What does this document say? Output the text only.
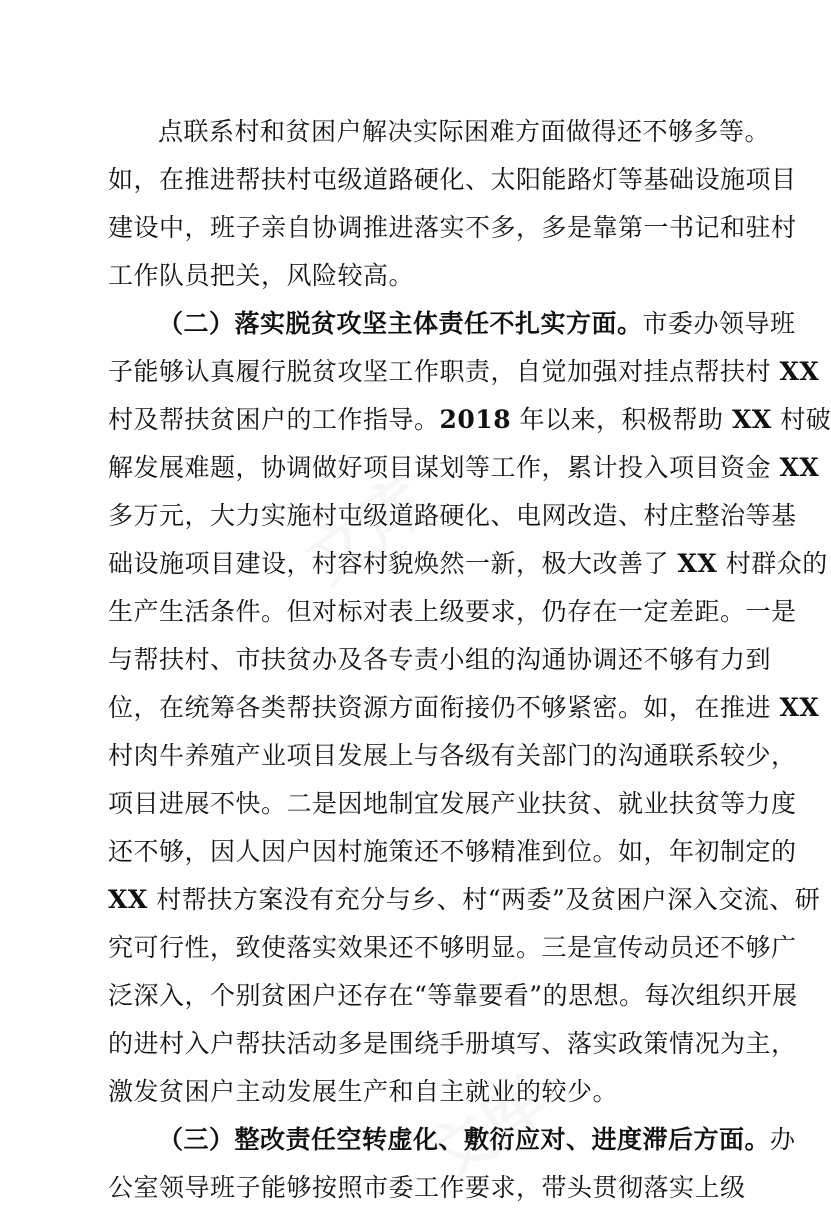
文库
文库
点联系村和贫困户解决实际困难方面做得还不够多等。
如，在推进帮扶村屯级道路硬化、太阳能路灯等基础设施项目
建设中，班子亲自协调推进落实不多，多是靠第一书记和驻村
工作队员把关，风险较高。
（二）落实脱贫攻坚主体责任不扎实方面。市委办领导班
子能够认真履行脱贫攻坚工作职责，自觉加强对挂点帮扶村 XX
村及帮扶贫困户的工作指导。2018 年以来，积极帮助 XX 村破
解发展难题，协调做好项目谋划等工作，累计投入项目资金 XX
多万元，大力实施村屯级道路硬化、电网改造、村庄整治等基
础设施项目建设，村容村貌焕然一新，极大改善了 XX 村群众的
生产生活条件。但对标对表上级要求，仍存在一定差距。一是
与帮扶村、市扶贫办及各专责小组的沟通协调还不够有力到
位，在统筹各类帮扶资源方面衔接仍不够紧密。如，在推进 XX
村肉牛养殖产业项目发展上与各级有关部门的沟通联系较少，
项目进展不快。二是因地制宜发展产业扶贫、就业扶贫等力度
还不够，因人因户因村施策还不够精准到位。如，年初制定的
XX 村帮扶方案没有充分与乡、村“两委”及贫困户深入交流、研
究可行性，致使落实效果还不够明显。三是宣传动员还不够广
泛深入，个别贫困户还存在“等靠要看”的思想。每次组织开展
的进村入户帮扶活动多是围绕手册填写、落实政策情况为主，
激发贫困户主动发展生产和自主就业的较少。
（三）整改责任空转虚化、敷衍应对、进度滞后方面。办
公室领导班子能够按照市委工作要求，带头贯彻落实上级
